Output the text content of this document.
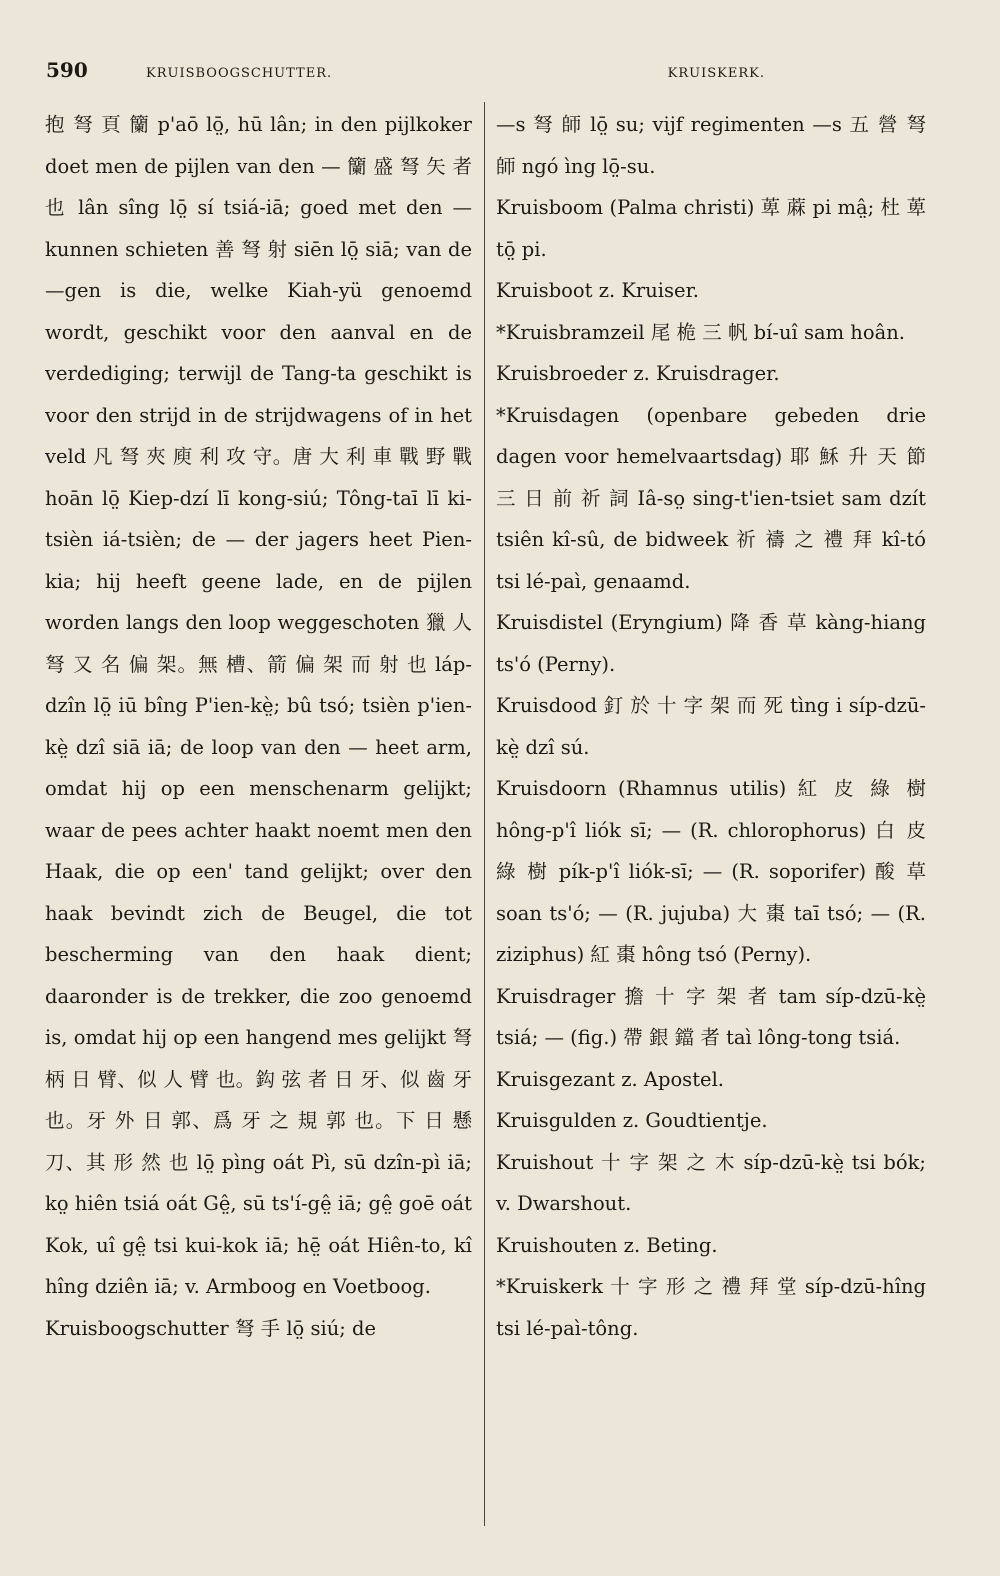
590	KRUISBOOGSCHUTTER.	KRUISKERK.

抱 弩 頁 籣 p'aō lō̤, hū lân; in den pijlkoker doet men de pijlen van den — 籣 盛 弩 矢 者 也 lân sîng lō̤ sí tsiá-iā; goed met den — kunnen schieten 善 弩 射 siēn lō̤ siā; van de —gen is die, welke Kiah-yü genoemd wordt, geschikt voor den aanval en de verdediging; terwijl de Tang-ta geschikt is voor den strijd in de strijdwagens of in het veld 凡 弩 夾 庾 利 攻 守。唐 大 利 車 戰 野 戰 hoān lō̤ Kiep-dzí lī kong-siú; Tông-taī lī ki-tsièn iá-tsièn; de — der jagers heet Pien-kia; hij heeft geene lade, en de pijlen worden langs den loop weggeschoten 獵 人 弩 又 名 偏 架。無 槽、箭 偏 架 而 射 也 láp-dzîn lō̤ iū bîng P'ien-kè̤; bû tsó; tsièn p'ien-kè̤ dzî siā iā; de loop van den — heet arm, omdat hij op een menschenarm gelijkt; waar de pees achter haakt noemt men den Haak, die op een' tand gelijkt; over den haak bevindt zich de Beugel, die tot bescherming van den haak dient; daaronder is de trekker, die zoo genoemd is, omdat hij op een hangend mes gelijkt 弩 柄 日 臂、似 人 臂 也。鈎 弦 者 日 牙、似 齒 牙 也。牙 外 日 郭、爲 牙 之 規 郭 也。下 日 懸 刀、其 形 然 也 lō̤ pìng oát Pì, sū dzîn-pì iā; ko̤ hiên tsiá oát Gê̤, sū ts'í-gê̤ iā; gê̤ goē oát Kok, uî gê̤ tsi kui-kok iā; hē̤ oát Hiên-to, kî hîng dziên iā; v. Armboog en Voetboog.

Kruisboogschutter 弩 手 lō̤ siú; de

—s 弩 師 lō̤ su; vijf regimenten —s 五 營 弩 師 ngó ìng lō̤-su.

Kruisboom (Palma christi) 萆 蔴 pi mâ̤; 杜 萆 tō̤ pi.

Kruisboot z. Kruiser.

*Kruisbramzeil 尾 桅 三 帆 bí-uî sam hoân.

Kruisbroeder z. Kruisdrager.

*Kruisdagen (openbare gebeden drie dagen voor hemelvaartsdag) 耶 穌 升 天 節 三 日 前 祈 詞 Iâ-so̤ sing-t'ien-tsiet sam dzít tsiên kî-sû, de bidweek 祈 禱 之 禮 拜 kî-tó tsi lé-paì, genaamd.

Kruisdistel (Eryngium) 降 香 草 kàng-hiang ts'ó (Perny).

Kruisdood 釘 於 十 字 架 而 死 tìng i síp-dzū-kè̤ dzî sú.

Kruisdoorn (Rhamnus utilis) 紅 皮 綠 樹 hông-p'î liók sī; — (R. chlorophorus) 白 皮 綠 樹 pík-p'î liók-sī; — (R. soporifer) 酸 草 soan ts'ó; — (R. jujuba) 大 棗 taī tsó; — (R. ziziphus) 紅 棗 hông tsó (Perny).

Kruisdrager 擔 十 字 架 者 tam síp-dzū-kè̤ tsiá; — (fig.) 帶 銀 鐺 者 taì lông-tong tsiá.

Kruisgezant z. Apostel.

Kruisgulden z. Goudtientje.

Kruishout 十 字 架 之 木 síp-dzū-kè̤ tsi bók; v. Dwarshout.

Kruishouten z. Beting.

*Kruiskerk 十 字 形 之 禮 拜 堂 síp-dzū-hîng tsi lé-paì-tông.
